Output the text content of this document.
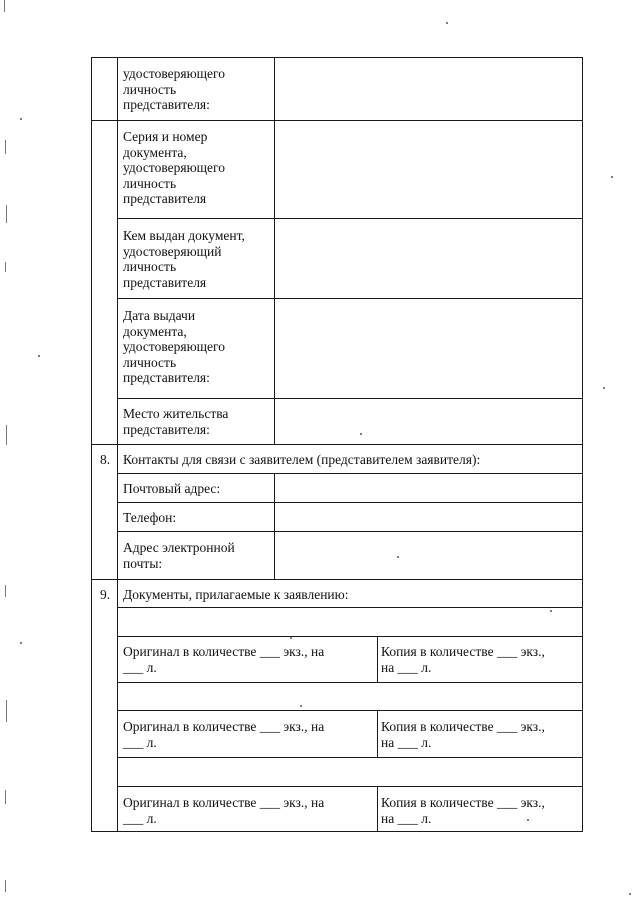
удостоверяющего
личность
представителя:
Серия и номер
документа,
удостоверяющего
личность
представителя
Кем выдан документ,
удостоверяющий
личность
представителя
Дата выдачи
документа,
удостоверяющего
личность
представителя:
Место жительства
представителя:
8. Контакты для связи с заявителем (представителем заявителя):
Почтовый адрес:
Телефон:
Адрес электронной
почты:
9. Документы, прилагаемые к заявлению:
Оригинал в количестве ___ экз., на
___ л.
Копия в количестве ___ экз.,
на ___ л.
Оригинал в количестве ___ экз., на
___ л.
Копия в количестве ___ экз.,
на ___ л.
Оригинал в количестве ___ экз., на
___ л.
Копия в количестве ___ экз.,
на ___ л.
